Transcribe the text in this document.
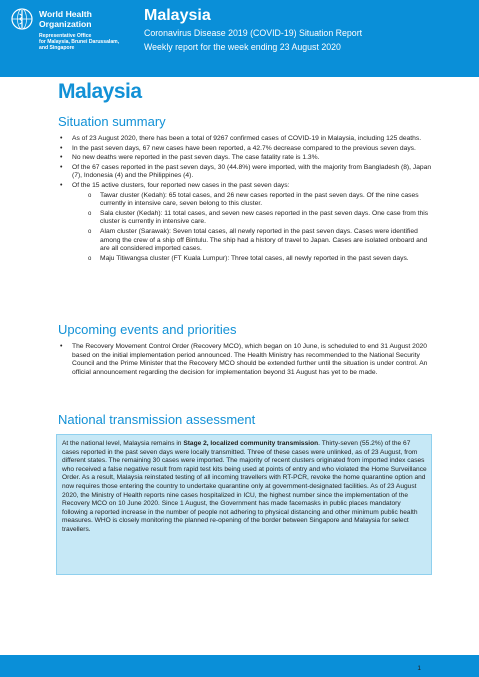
World Health
Organization
Representative Office
for Malaysia, Brunei Darussalam,
and Singapore
Malaysia
Coronavirus Disease 2019 (COVID-19) Situation Report
Weekly report for the week ending 23 August 2020
Malaysia
Situation summary
• As of 23 August 2020, there has been a total of 9267 confirmed cases of COVID-19 in Malaysia, including 125 deaths.
• In the past seven days, 67 new cases have been reported, a 42.7% decrease compared to the previous seven days.
• No new deaths were reported in the past seven days. The case fatality rate is 1.3%.
• Of the 67 cases reported in the past seven days, 30 (44.8%) were imported, with the majority from Bangladesh (8), Japan (7), Indonesia (4) and the Philippines (4).
• Of the 15 active clusters, four reported new cases in the past seven days:
o Tawar cluster (Kedah): 65 total cases, and 26 new cases reported in the past seven days. Of the nine cases currently in intensive care, seven belong to this cluster.
o Sala cluster (Kedah): 11 total cases, and seven new cases reported in the past seven days. One case from this cluster is currently in intensive care.
o Alam cluster (Sarawak): Seven total cases, all newly reported in the past seven days. Cases were identified among the crew of a ship off Bintulu. The ship had a history of travel to Japan. Cases are isolated onboard and are all considered imported cases.
o Maju Titiwangsa cluster (FT Kuala Lumpur): Three total cases, all newly reported in the past seven days.
Upcoming events and priorities
• The Recovery Movement Control Order (Recovery MCO), which began on 10 June, is scheduled to end 31 August 2020 based on the initial implementation period announced. The Health Ministry has recommended to the National Security Council and the Prime Minister that the Recovery MCO should be extended further until the situation is under control. An official announcement regarding the decision for implementation beyond 31 August has yet to be made.
National transmission assessment
At the national level, Malaysia remains in Stage 2, localized community transmission. Thirty-seven (55.2%) of the 67 cases reported in the past seven days were locally transmitted. Three of these cases were unlinked, as of 23 August, from different states. The remaining 30 cases were imported. The majority of recent clusters originated from imported index cases who received a false negative result from rapid test kits being used at points of entry and who violated the Home Surveillance Order. As a result, Malaysia reinstated testing of all incoming travellers with RT-PCR, revoke the home quarantine option and now requires those entering the country to undertake quarantine only at government-designated facilities. As of 23 August 2020, the Ministry of Health reports nine cases hospitalized in ICU, the highest number since the implementation of the Recovery MCO on 10 June 2020. Since 1 August, the Government has made facemasks in public places mandatory following a reported increase in the number of people not adhering to physical distancing and other minimum public health measures. WHO is closely monitoring the planned re-opening of the border between Singapore and Malaysia for select travellers.
1
